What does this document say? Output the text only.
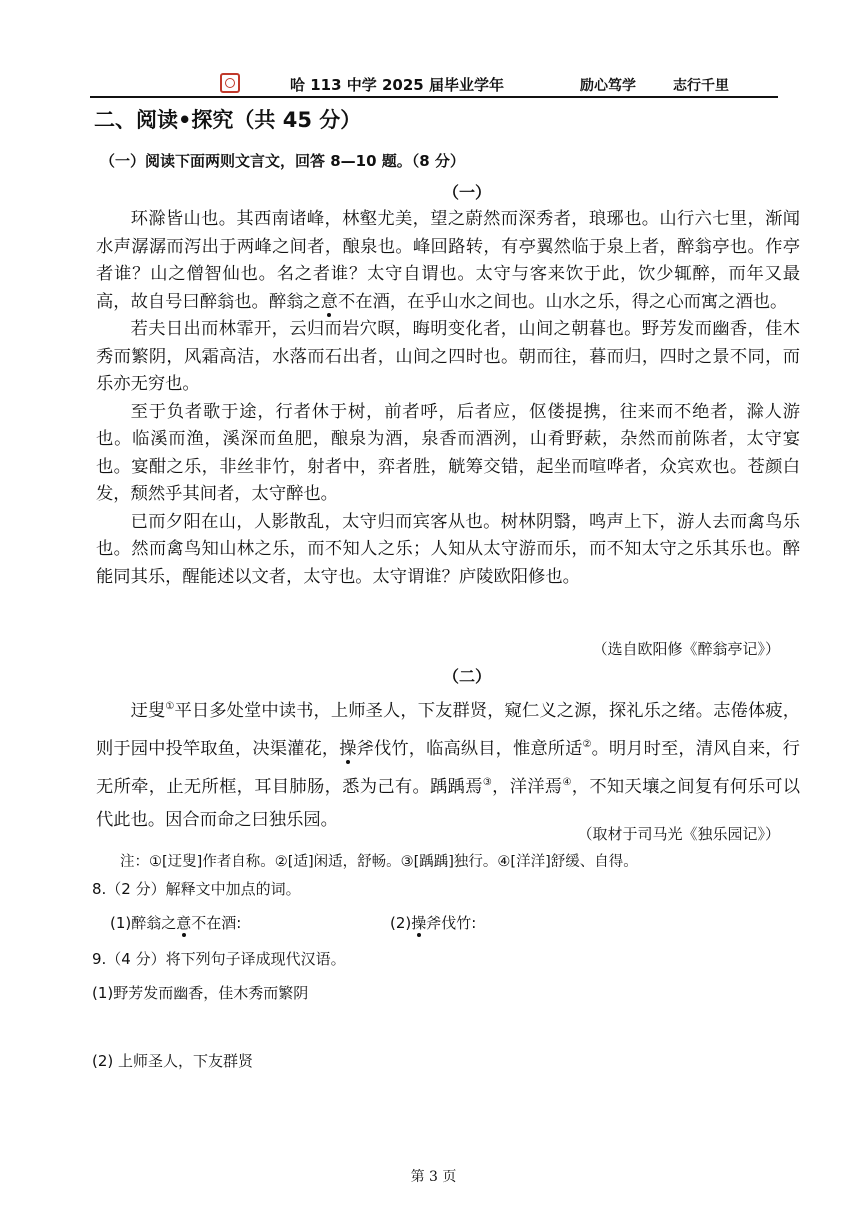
哈 113 中学 2025 届毕业学年	励心笃学	志行千里
二、阅读•探究（共 45 分）
（一）阅读下面两则文言文，回答 8—10 题。（8 分）
（一）

环滁皆山也。其西南诸峰，林壑尤美，望之蔚然而深秀者，琅琊也。山行六七里，渐闻水声潺潺而泻出于两峰之间者，酿泉也。峰回路转，有亭翼然临于泉上者，醉翁亭也。作亭者谁？山之僧智仙也。名之者谁？太守自谓也。太守与客来饮于此，饮少辄醉，而年又最高，故自号曰醉翁也。醉翁之意不在酒，在乎山水之间也。山水之乐，得之心而寓之酒也。

若夫日出而林霏开，云归而岩穴暝，晦明变化者，山间之朝暮也。野芳发而幽香，佳木秀而繁阴，风霜高洁，水落而石出者，山间之四时也。朝而往，暮而归，四时之景不同，而乐亦无穷也。

至于负者歌于途，行者休于树，前者呼，后者应，伛偻提携，往来而不绝者，滁人游也。临溪而渔，溪深而鱼肥，酿泉为酒，泉香而酒洌，山肴野蔌，杂然而前陈者，太守宴也。宴酣之乐，非丝非竹，射者中，弈者胜，觥筹交错，起坐而喧哗者，众宾欢也。苍颜白发，颓然乎其间者，太守醉也。

已而夕阳在山，人影散乱，太守归而宾客从也。树林阴翳，鸣声上下，游人去而禽鸟乐也。然而禽鸟知山林之乐，而不知人之乐；人知从太守游而乐，而不知太守之乐其乐也。醉能同其乐，醒能述以文者，太守也。太守谓谁？庐陵欧阳修也。

（选自欧阳修《醉翁亭记》）
（二）

迂叟①平日多处堂中读书，上师圣人，下友群贤，窥仁义之源，探礼乐之绪。志倦体疲，则于园中投竿取鱼，决渠灌花，操斧伐竹，临高纵目，惟意所适②。明月时至，清风自来，行无所牵，止无所框，耳目肺肠，悉为己有。踽踽焉③，洋洋焉④，不知天壤之间复有何乐可以代此也。因合而命之曰独乐园。

（取材于司马光《独乐园记》）
注：①[迂叟]作者自称。②[适]闲适，舒畅。③[踽踽]独行。④[洋洋]舒缓、自得。
8.（2 分）解释文中加点的词。
(1)醉翁之意不在酒:	(2)操斧伐竹:
9.（4 分）将下列句子译成现代汉语。
(1)野芳发而幽香，佳木秀而繁阴
(2) 上师圣人，下友群贤
第 3 页
